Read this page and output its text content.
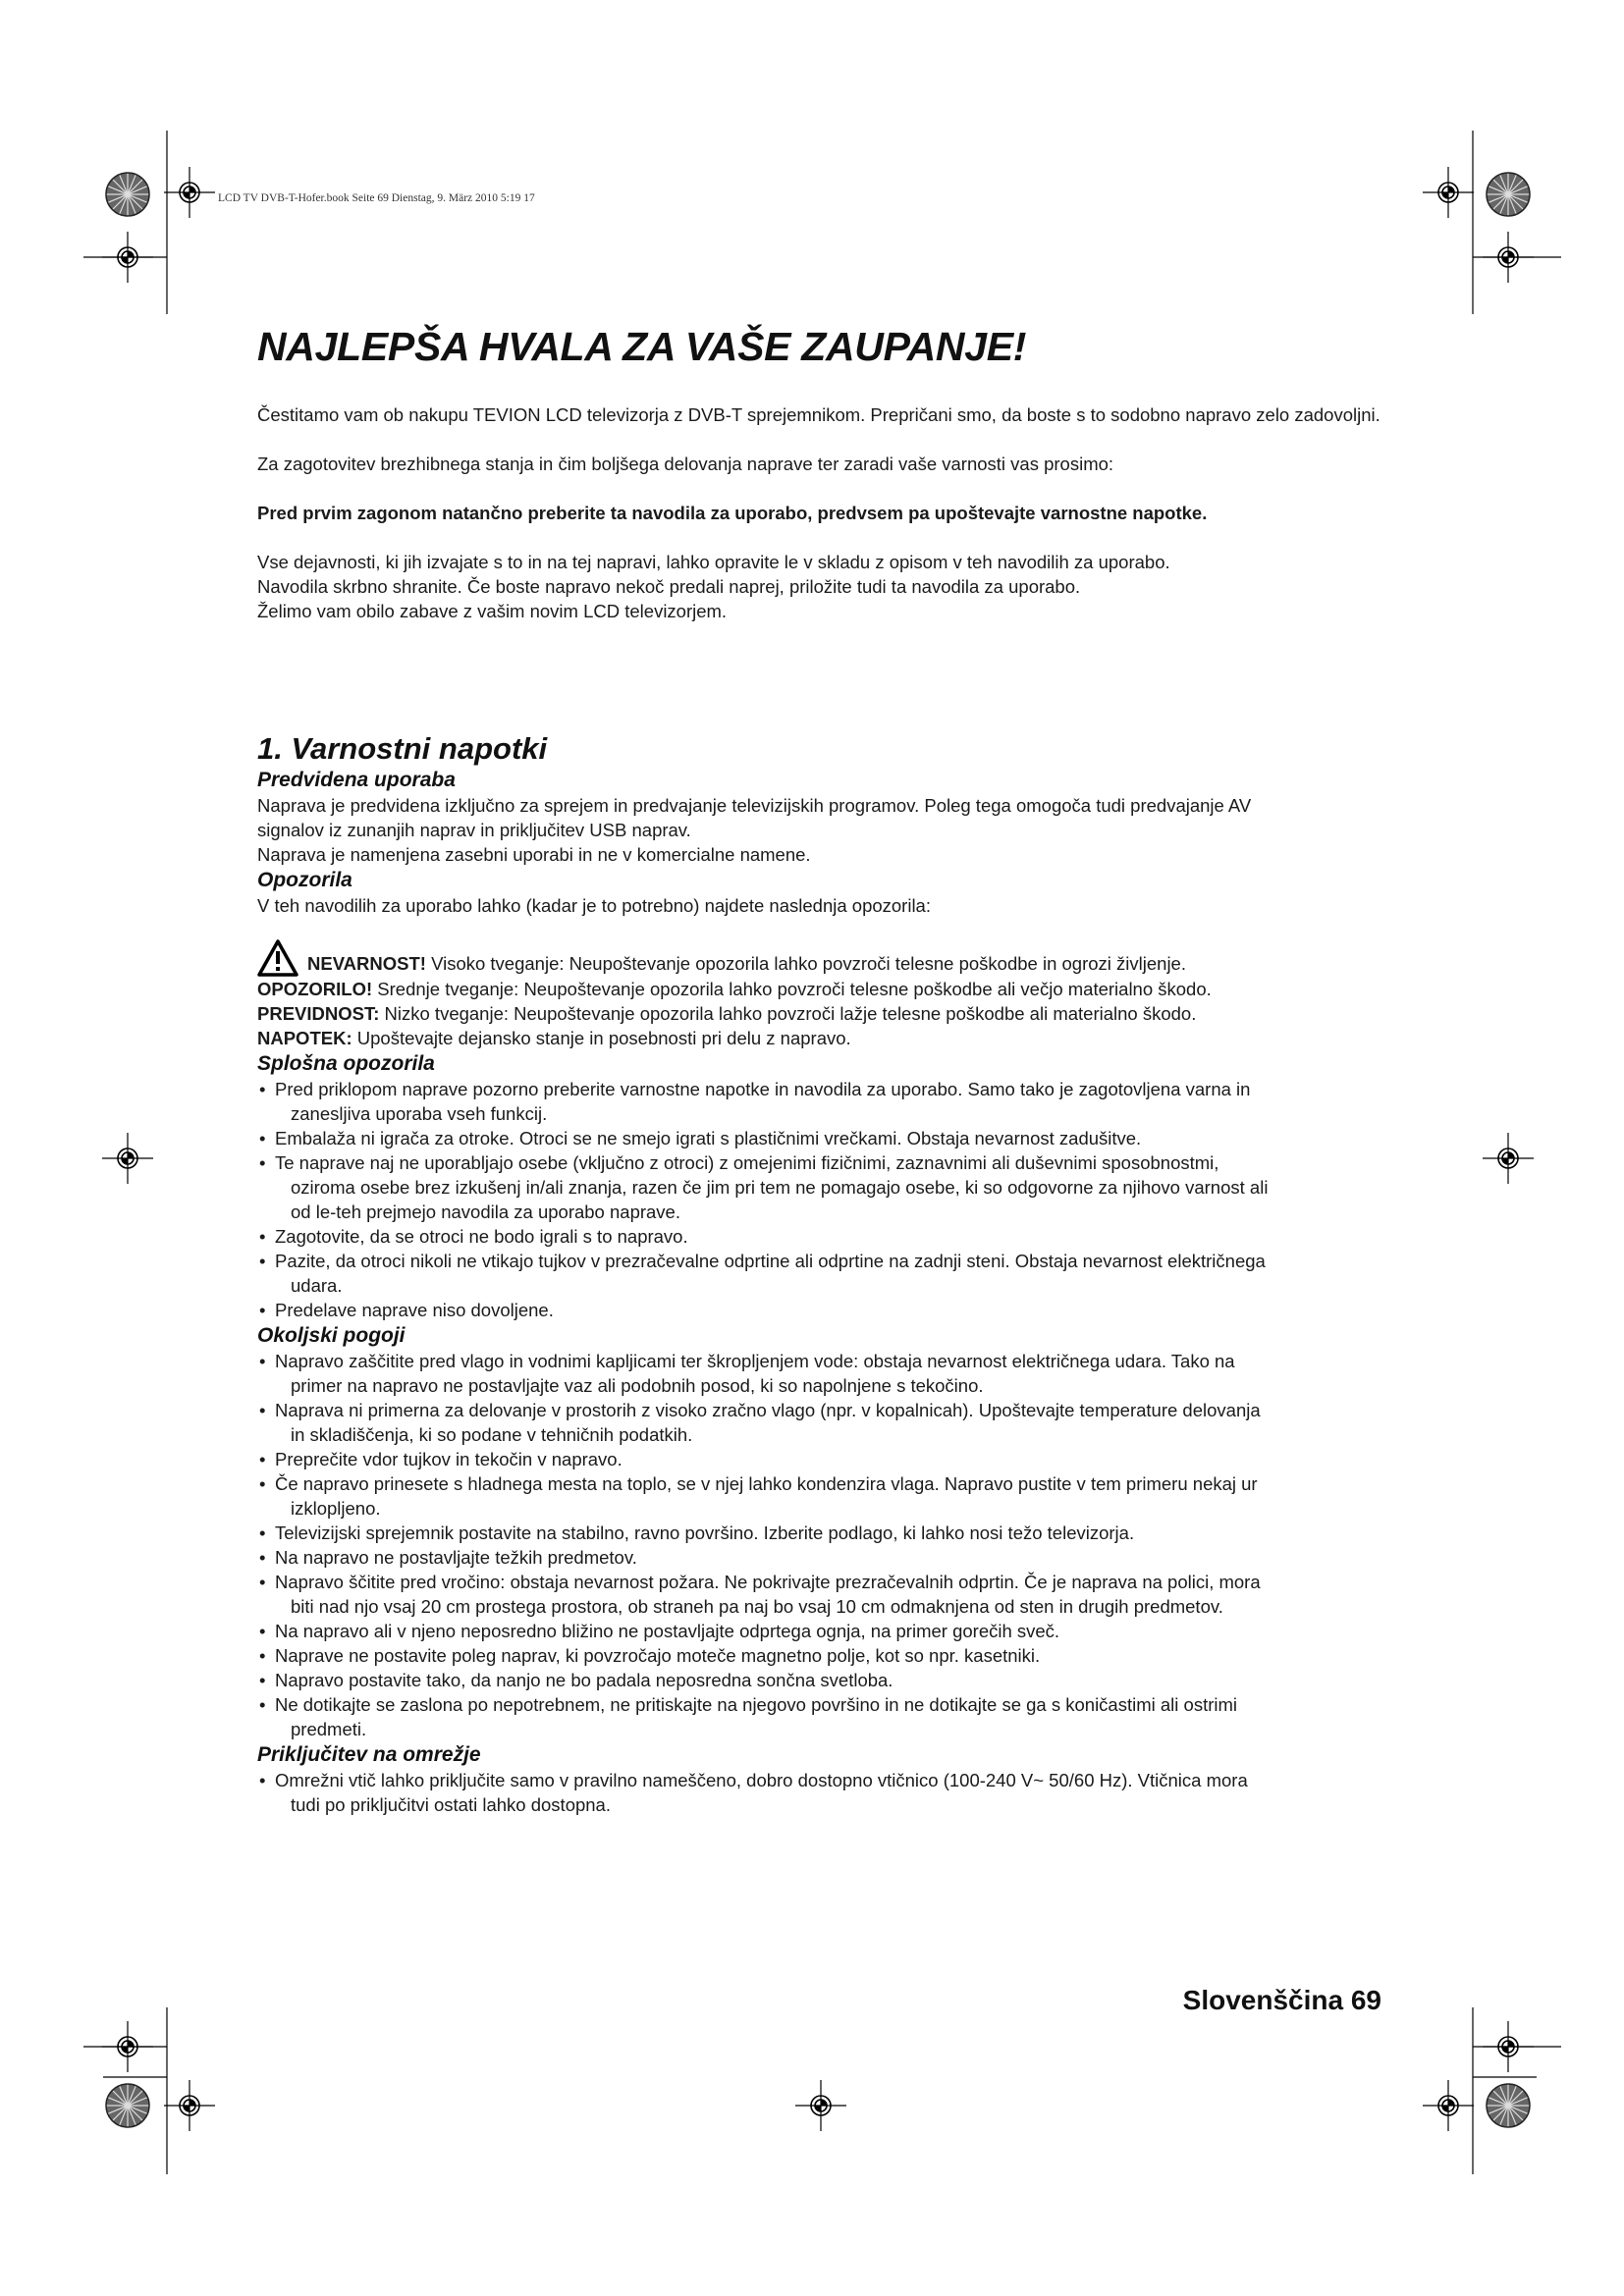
LCD TV DVB-T-Hofer.book Seite 69 Dienstag, 9. März 2010 5:19 17
NAJLEPŠA HVALA ZA VAŠE ZAUPANJE!

Čestitamo vam ob nakupu TEVION LCD televizorja z DVB-T sprejemnikom. Prepričani smo, da boste s to sodobno napravo zelo zadovoljni.

Za zagotovitev brezhibnega stanja in čim boljšega delovanja naprave ter zaradi vaše varnosti vas prosimo:

Pred prvim zagonom natančno preberite ta navodila za uporabo, predvsem pa upoštevajte varnostne napotke.

Vse dejavnosti, ki jih izvajate s to in na tej napravi, lahko opravite le v skladu z opisom v teh navodilih za uporabo.

Navodila skrbno shranite. Če boste napravo nekoč predali naprej, priložite tudi ta navodila za uporabo.

Želimo vam obilo zabave z vašim novim LCD televizorjem.

1. Varnostni napotki
Predvidena uporaba

Naprava je predvidena izključno za sprejem in predvajanje televizijskih programov. Poleg tega omogoča tudi predvajanje AV

signalov iz zunanjih naprav in priključitev USB naprav.

Naprava je namenjena zasebni uporabi in ne v komercialne namene.

Opozorila

V teh navodilih za uporabo lahko (kadar je to potrebno) najdete naslednja opozorila:

NEVARNOST! Visoko tveganje: Neupoštevanje opozorila lahko povzroči telesne poškodbe in ogrozi življenje.

OPOZORILO! Srednje tveganje: Neupoštevanje opozorila lahko povzroči telesne poškodbe ali večjo materialno škodo.

PREVIDNOST: Nizko tveganje: Neupoštevanje opozorila lahko povzroči lažje telesne poškodbe ali materialno škodo.

NAPOTEK: Upoštevajte dejansko stanje in posebnosti pri delu z napravo.

Splošna opozorila
• Pred priklopom naprave pozorno preberite varnostne napotke in navodila za uporabo. Samo tako je zagotovljena varna in
zanesljiva uporaba vseh funkcij.
• Embalaža ni igrača za otroke. Otroci se ne smejo igrati s plastičnimi vrečkami. Obstaja nevarnost zadušitve.
• Te naprave naj ne uporabljajo osebe (vključno z otroci) z omejenimi fizičnimi, zaznavnimi ali duševnimi sposobnostmi,
oziroma osebe brez izkušenj in/ali znanja, razen če jim pri tem ne pomagajo osebe, ki so odgovorne za njihovo varnost ali
od le-teh prejmejo navodila za uporabo naprave.
• Zagotovite, da se otroci ne bodo igrali s to napravo.
• Pazite, da otroci nikoli ne vtikajo tujkov v prezračevalne odprtine ali odprtine na zadnji steni. Obstaja nevarnost električnega
udara.
• Predelave naprave niso dovoljene.
Okoljski pogoji
• Napravo zaščitite pred vlago in vodnimi kapljicami ter škropljenjem vode: obstaja nevarnost električnega udara. Tako na
primer na napravo ne postavljajte vaz ali podobnih posod, ki so napolnjene s tekočino.
• Naprava ni primerna za delovanje v prostorih z visoko zračno vlago (npr. v kopalnicah). Upoštevajte temperature delovanja
in skladiščenja, ki so podane v tehničnih podatkih.
• Preprečite vdor tujkov in tekočin v napravo.
• Če napravo prinesete s hladnega mesta na toplo, se v njej lahko kondenzira vlaga. Napravo pustite v tem primeru nekaj ur
izklopljeno.
• Televizijski sprejemnik postavite na stabilno, ravno površino. Izberite podlago, ki lahko nosi težo televizorja.
• Na napravo ne postavljajte težkih predmetov.
• Napravo ščitite pred vročino: obstaja nevarnost požara. Ne pokrivajte prezračevalnih odprtin. Če je naprava na polici, mora
biti nad njo vsaj 20 cm prostega prostora, ob straneh pa naj bo vsaj 10 cm odmaknjena od sten in drugih predmetov.
• Na napravo ali v njeno neposredno bližino ne postavljajte odprtega ognja, na primer gorečih sveč.
• Naprave ne postavite poleg naprav, ki povzročajo moteče magnetno polje, kot so npr. kasetniki.
• Napravo postavite tako, da nanjo ne bo padala neposredna sončna svetloba.
• Ne dotikajte se zaslona po nepotrebnem, ne pritiskajte na njegovo površino in ne dotikajte se ga s koničastimi ali ostrimi
predmeti.
Priključitev na omrežje
• Omrežni vtič lahko priključite samo v pravilno nameščeno, dobro dostopno vtičnico (100-240 V~ 50/60 Hz). Vtičnica mora
tudi po priključitvi ostati lahko dostopna.
Slovenščina 69
